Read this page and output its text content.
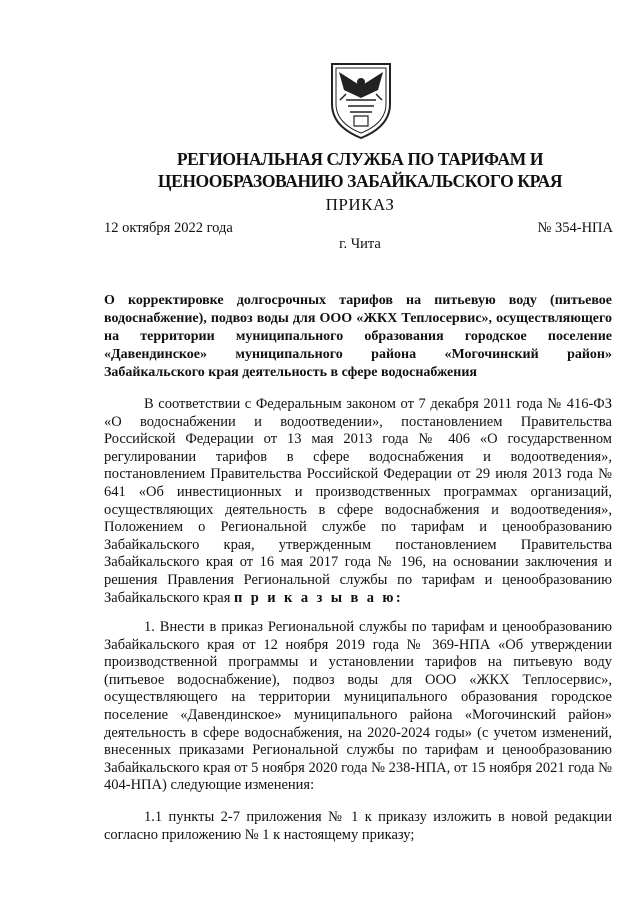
РЕГИОНАЛЬНАЯ СЛУЖБА ПО ТАРИФАМ И
ЦЕНООБРАЗОВАНИЮ ЗАБАЙКАЛЬСКОГО КРАЯ
ПРИКАЗ
12 октября 2022 года	№ 354-НПА
г. Чита
О корректировке долгосрочных тарифов на питьевую воду (питьевое водоснабжение), подвоз воды для ООО «ЖКХ Теплосервис», осуществляющего на территории муниципального образования городское поселение «Давендинское» муниципального района «Могочинский район» Забайкальского края деятельность в сфере водоснабжения
В соответствии с Федеральным законом от 7 декабря 2011 года № 416-ФЗ «О водоснабжении и водоотведении», постановлением Правительства Российской Федерации от 13 мая 2013 года № 406 «О государственном регулировании тарифов в сфере водоснабжения и водоотведения», постановлением Правительства Российской Федерации от 29 июля 2013 года № 641 «Об инвестиционных и производственных программах организаций, осуществляющих деятельность в сфере водоснабжения и водоотведения», Положением о Региональной службе по тарифам и ценообразованию Забайкальского края, утвержденным постановлением Правительства Забайкальского края от 16 мая 2017 года № 196, на основании заключения и решения Правления Региональной службы по тарифам и ценообразованию Забайкальского края п р и к а з ы в а ю:
1. Внести в приказ Региональной службы по тарифам и ценообразованию Забайкальского края от 12 ноября 2019 года № 369-НПА «Об утверждении производственной программы и установлении тарифов на питьевую воду (питьевое водоснабжение), подвоз воды для ООО «ЖКХ Теплосервис», осуществляющего на территории муниципального образования городское поселение «Давендинское» муниципального района «Могочинский район» деятельность в сфере водоснабжения, на 2020-2024 годы» (с учетом изменений, внесенных приказами Региональной службы по тарифам и ценообразованию Забайкальского края от 5 ноября 2020 года № 238-НПА, от 15 ноября 2021 года № 404-НПА) следующие изменения:
1.1 пункты 2-7 приложения № 1 к приказу изложить в новой редакции согласно приложению № 1 к настоящему приказу;
